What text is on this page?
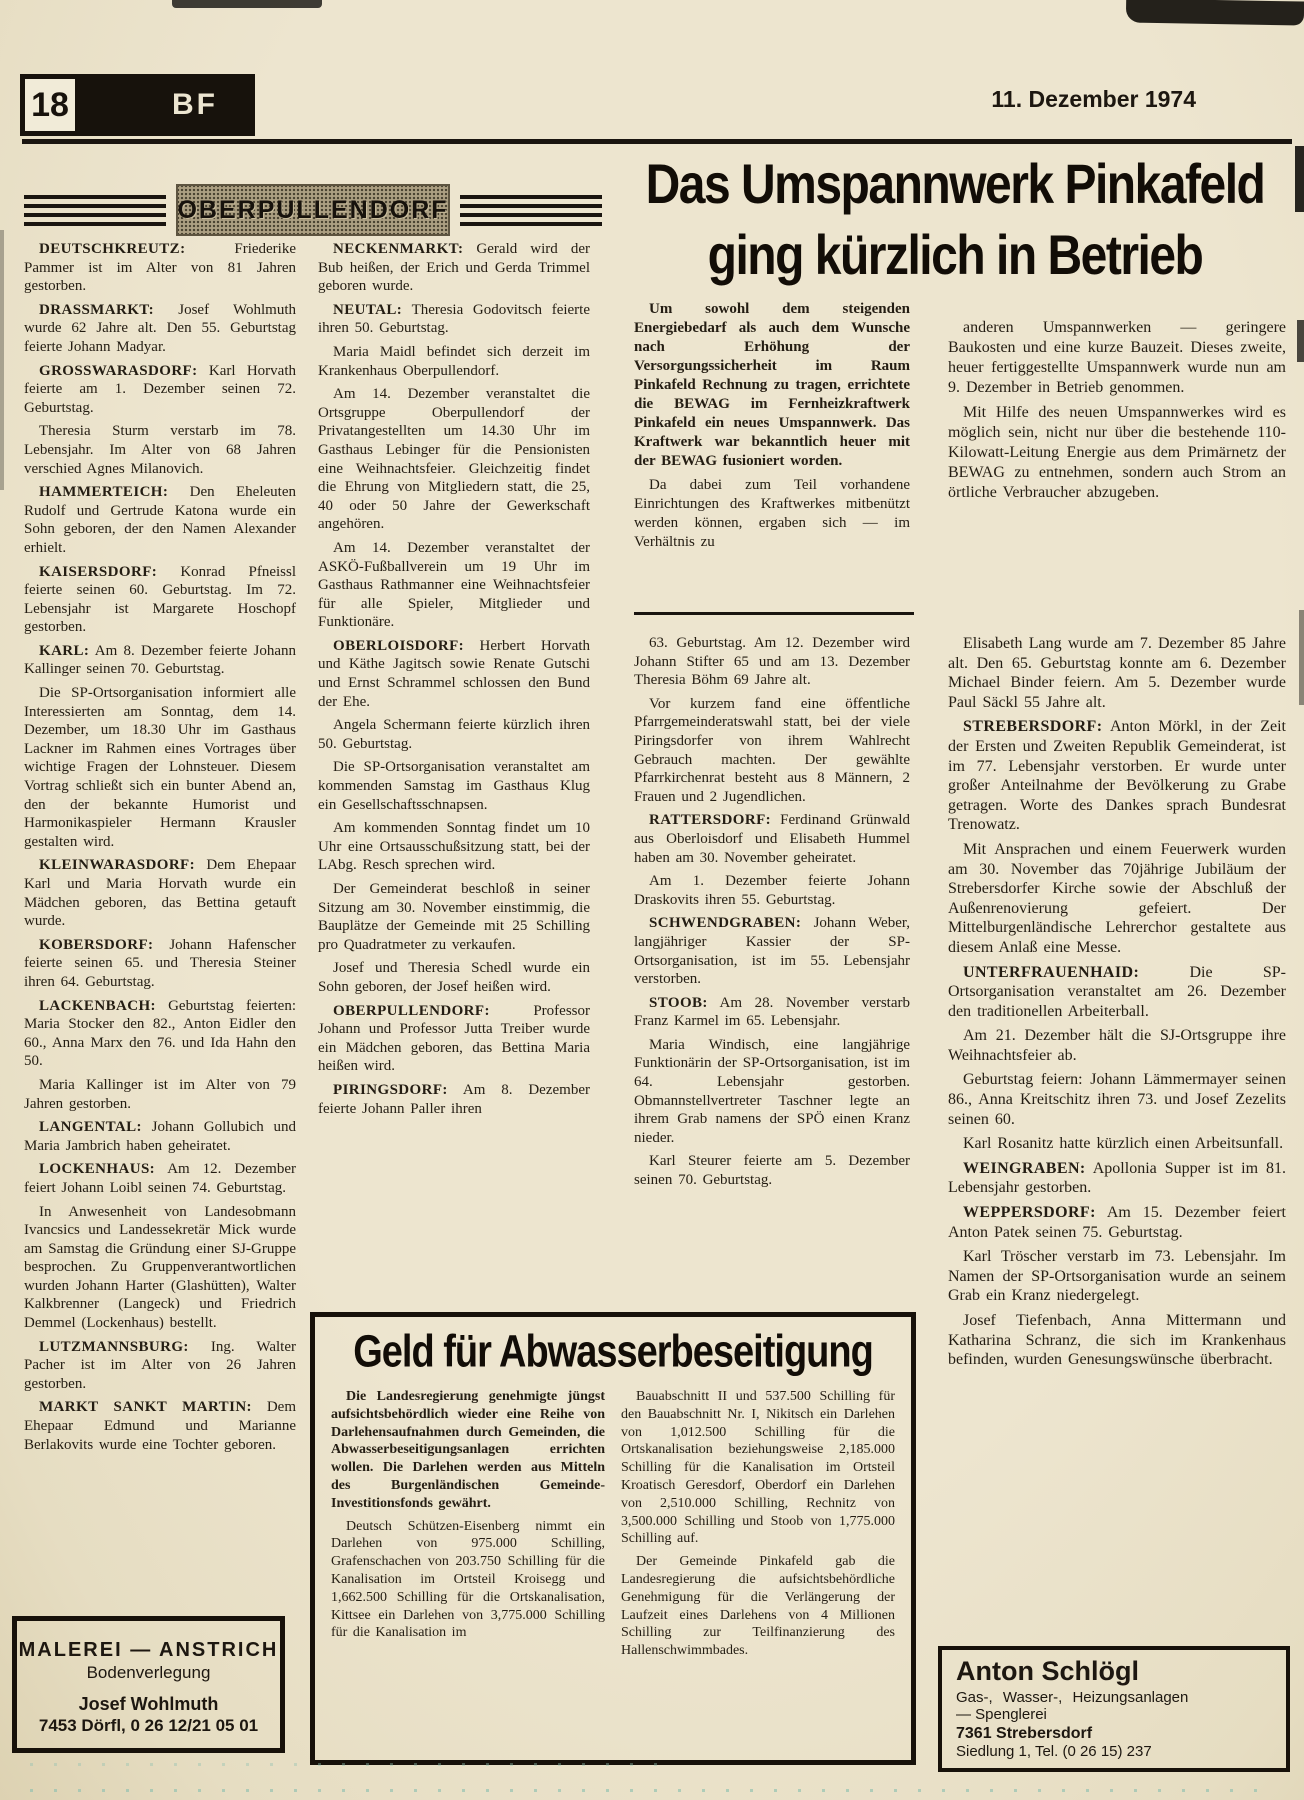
18	BF	11. Dezember 1974
OBERPULLENDORF	Das Umspannwerk Pinkafeld
ging kürzlich in Betrieb

DEUTSCHKREUTZ:	Friederike Pammer ist im Alter von 81 Jahren gestorben.

DRASSMARKT: Josef Wohlmuth wurde 62 Jahre alt. Den 55. Geburtstag feierte Johann Madyar.

GROSSWARASDORF: Karl Horvath feierte am 1. Dezember seinen 72. Geburtstag.

Theresia Sturm verstarb im 78. Lebensjahr. Im Alter von 68 Jahren verschied Agnes Milanovich.

HAMMERTEICH: Den Eheleuten Rudolf und Gertrude Katona wurde ein Sohn geboren, der den Namen Alexander erhielt.

KAISERSDORF: Konrad Pfneissl feierte seinen 60. Geburtstag. Im 72. Lebensjahr ist Margarete Hoschopf gestorben.

KARL: Am 8. Dezember feierte Johann Kallinger seinen 70. Geburtstag.

Die SP-Ortsorganisation informiert alle Interessierten am Sonntag, dem 14. Dezember, um 18.30 Uhr im Gasthaus Lackner im Rahmen eines Vortrages über wichtige Fragen der Lohnsteuer. Diesem Vortrag schließt sich ein bunter Abend an, den der bekannte Humorist und Harmonikaspieler Hermann Krausler gestalten wird.

KLEINWARASDORF: Dem Ehepaar Karl und Maria Horvath wurde ein Mädchen geboren, das Bettina getauft wurde.

KOBERSDORF: Johann Hafenscher feierte seinen 65. und Theresia Steiner ihren 64. Geburtstag.

LACKENBACH: Geburtstag feierten: Maria Stocker den 82., Anton Eidler den 60., Anna Marx den 76. und Ida Hahn den 50.

Maria Kallinger ist im Alter von 79 Jahren gestorben.

LANGENTAL: Johann Gollubich und Maria Jambrich haben geheiratet.

LOCKENHAUS: Am 12. Dezember feiert Johann Loibl seinen 74. Geburtstag.

In Anwesenheit von Landesobmann Ivancsics und Landessekretär Mick wurde am Samstag die Gründung einer SJ-Gruppe besprochen. Zu Gruppenverantwortlichen wurden Johann Harter (Glashütten), Walter Kalkbrenner (Langeck) und Friedrich Demmel (Lockenhaus) bestellt.

LUTZMANNSBURG: Ing. Walter Pacher ist im Alter von 26 Jahren gestorben.

MARKT SANKT MARTIN: Dem Ehepaar Edmund und Marianne Berlakovits wurde eine Tochter geboren.

NECKENMARKT: Gerald wird der Bub heißen, der Erich und Gerda Trimmel geboren wurde.

NEUTAL: Theresia Godovitsch feierte ihren 50. Geburtstag.

Maria Maidl befindet sich derzeit im Krankenhaus Oberpullendorf.

Am 14. Dezember veranstaltet die Ortsgruppe Oberpullendorf der Privatangestellten um 14.30 Uhr im Gasthaus Lebinger für die Pensionisten eine Weihnachtsfeier. Gleichzeitig findet die Ehrung von Mitgliedern statt, die 25, 40 oder 50 Jahre der Gewerkschaft angehören.

Am 14. Dezember veranstaltet der ASKÖ-Fußballverein um 19 Uhr im Gasthaus Rathmanner eine Weihnachtsfeier für alle Spieler, Mitglieder und Funktionäre.

OBERLOISDORF: Herbert Horvath und Käthe Jagitsch sowie Renate Gutschi und Ernst Schrammel schlossen den Bund der Ehe.

Angela Schermann feierte kürzlich ihren 50. Geburtstag.

Die SP-Ortsorganisation veranstaltet am kommenden Samstag im Gasthaus Klug ein Gesellschaftsschnapsen.

Am kommenden Sonntag findet um 10 Uhr eine Ortsausschußsitzung statt, bei der LAbg. Resch sprechen wird.

Der Gemeinderat beschloß in seiner Sitzung am 30. November einstimmig, die Bauplätze der Gemeinde mit 25 Schilling pro Quadratmeter zu verkaufen.

Josef und Theresia Schedl wurde ein Sohn geboren, der Josef heißen wird.

OBERPULLENDORF:	Professor Johann und Professor Jutta Treiber wurde ein Mädchen geboren, das Bettina Maria heißen wird.

PIRINGSDORF: Am 8. Dezember feierte Johann Paller ihren

Um sowohl dem steigenden Energiebedarf als auch dem Wunsche nach Erhöhung der Versorgungssicherheit im Raum Pinkafeld Rechnung zu tragen, errichtete die BEWAG im Fernheizkraftwerk Pinkafeld ein neues Umspannwerk. Das Kraftwerk war bekanntlich heuer mit der BEWAG fusioniert worden.

Da dabei zum Teil vorhandene Einrichtungen des Kraftwerkes mitbenützt werden können, ergaben sich — im Verhältnis zu

anderen Umspannwerken — geringere Baukosten und eine kurze Bauzeit. Dieses zweite, heuer fertiggestellte Umspannwerk wurde nun am 9. Dezember in Betrieb genommen.

Mit Hilfe des neuen Umspannwerkes wird es möglich sein, nicht nur über die bestehende 110-Kilowatt-Leitung Energie aus dem Primärnetz der BEWAG zu entnehmen, sondern auch Strom an örtliche Verbraucher abzugeben.

63. Geburtstag. Am 12. Dezember wird Johann Stifter 65 und am 13. Dezember Theresia Böhm 69 Jahre alt.

Vor kurzem fand eine öffentliche Pfarrgemeinderatswahl statt, bei der viele Piringsdorfer von ihrem Wahlrecht Gebrauch machten. Der gewählte Pfarrkirchenrat besteht aus 8 Männern, 2 Frauen und 2 Jugendlichen.

RATTERSDORF: Ferdinand Grünwald aus Oberloisdorf und Elisabeth Hummel haben am 30. November geheiratet.

Am 1. Dezember feierte Johann Draskovits ihren 55. Geburtstag.

SCHWENDGRABEN: Johann Weber, langjähriger Kassier der SP-Ortsorganisation, ist im 55. Lebensjahr verstorben.

STOOB: Am 28. November verstarb Franz Karmel im 65. Lebensjahr.

Maria Windisch, eine langjährige Funktionärin der SP-Ortsorganisation, ist im 64. Lebensjahr gestorben. Obmannstellvertreter Taschner legte an ihrem Grab namens der SPÖ einen Kranz nieder.

Karl Steurer feierte am 5. Dezember seinen 70. Geburtstag.

Elisabeth Lang wurde am 7. Dezember 85 Jahre alt. Den 65. Geburtstag konnte am 6. Dezember Michael Binder feiern. Am 5. Dezember wurde Paul Säckl 55 Jahre alt.

STREBERSDORF: Anton Mörkl, in der Zeit der Ersten und Zweiten Republik Gemeinderat, ist im 77. Lebensjahr verstorben. Er wurde unter großer Anteilnahme der Bevölkerung zu Grabe getragen. Worte des Dankes sprach Bundesrat Trenowatz.

Mit Ansprachen und einem Feuerwerk wurden am 30. November das 70jährige Jubiläum der Strebersdorfer Kirche sowie der Abschluß der Außenrenovierung gefeiert. Der Mittelburgenländische Lehrerchor gestaltete aus diesem Anlaß eine Messe.

UNTERFRAUENHAID:	Die SP-Ortsorganisation veranstaltet am 26. Dezember den traditionellen Arbeiterball.

Am 21. Dezember hält die SJ-Ortsgruppe ihre Weihnachtsfeier ab.

Geburtstag feiern: Johann Lämmermayer seinen 86., Anna Kreitschitz ihren 73. und Josef Zezelits seinen 60.

Karl Rosanitz hatte kürzlich einen Arbeitsunfall.

WEINGRABEN: Apollonia Supper ist im 81. Lebensjahr gestorben.

WEPPERSDORF: Am 15. Dezember feiert Anton Patek seinen 75. Geburtstag.

Karl Tröscher verstarb im 73. Lebensjahr. Im Namen der SP-Ortsorganisation wurde an seinem Grab ein Kranz niedergelegt.

Josef Tiefenbach, Anna Mittermann und Katharina Schranz, die sich im Krankenhaus befinden, wurden Genesungswünsche überbracht.

Geld für Abwasserbeseitigung

Die Landesregierung genehmigte jüngst aufsichtsbehördlich wieder eine Reihe von Darlehensaufnahmen durch Gemeinden, die Abwasserbeseitigungsanlagen errichten wollen. Die Darlehen werden aus Mitteln des Burgenländischen Gemeinde-Investitionsfonds gewährt.

Deutsch Schützen-Eisenberg nimmt ein Darlehen von 975.000 Schilling, Grafenschachen von 203.750 Schilling für die Kanalisation im Ortsteil Kroisegg und 1,662.500 Schilling für die Ortskanalisation, Kittsee ein Darlehen von 3,775.000 Schilling für die Kanalisation im

Bauabschnitt II und 537.500 Schilling für den Bauabschnitt Nr. I, Nikitsch ein Darlehen von 1,012.500 Schilling für die Ortskanalisation beziehungsweise 2,185.000 Schilling für die Kanalisation im Ortsteil Kroatisch Geresdorf, Oberdorf ein Darlehen von 2,510.000 Schilling, Rechnitz von 3,500.000 Schilling und Stoob von 1,775.000 Schilling auf.

Der Gemeinde Pinkafeld gab die Landesregierung die aufsichtsbehördliche Genehmigung für die Verlängerung der Laufzeit eines Darlehens von 4 Millionen Schilling zur Teilfinanzierung des Hallenschwimmbades.

MALEREI — ANSTRICH
Bodenverlegung
Josef Wohlmuth
7453 Dörfl, 0 26 12/21 05 01
Anton Schlögl
Gas-, Wasser-, Heizungsanlagen
— Spenglerei
7361 Strebersdorf
Siedlung 1, Tel. (0 26 15) 237
